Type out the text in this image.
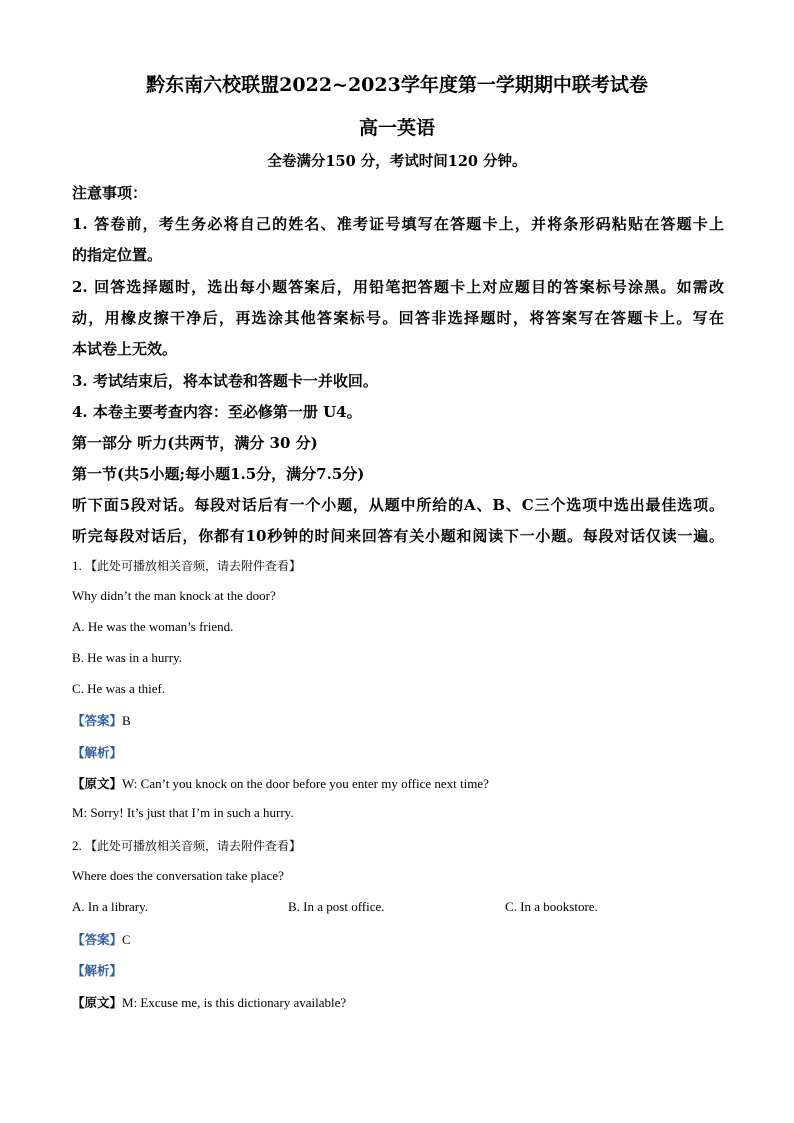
黔东南六校联盟2022~2023学年度第一学期期中联考试卷
高一英语
全卷满分150 分，考试时间120 分钟。
注意事项：
1. 答卷前，考生务必将自己的姓名、准考证号填写在答题卡上，并将条形码粘贴在答题卡上
的指定位置。
2. 回答选择题时，选出每小题答案后，用铅笔把答题卡上对应题目的答案标号涂黑。如需改
动，用橡皮擦干净后，再选涂其他答案标号。回答非选择题时，将答案写在答题卡上。写在
本试卷上无效。
3. 考试结束后，将本试卷和答题卡一并收回。
4. 本卷主要考查内容：至必修第一册 U4。
第一部分 听力(共两节，满分 30 分)
第一节(共5小题;每小题1.5分，满分7.5分)
听下面5段对话。每段对话后有一个小题，从题中所给的A、B、C三个选项中选出最佳选项。
听完每段对话后，你都有10秒钟的时间来回答有关小题和阅读下一小题。每段对话仅读一遍。
1. 【此处可播放相关音频，请去附件查看】
Why didn’t the man knock at the door?
A. He was the woman’s friend.
B. He was in a hurry.
C. He was a thief.
【答案】B
【解析】
【原文】W: Can’t you knock on the door before you enter my office next time?
M: Sorry! It’s just that I’m in such a hurry.
2. 【此处可播放相关音频，请去附件查看】
Where does the conversation take place?
A. In a library.	B. In a post office.	C. In a bookstore.
【答案】C
【解析】
【原文】M: Excuse me, is this dictionary available?
